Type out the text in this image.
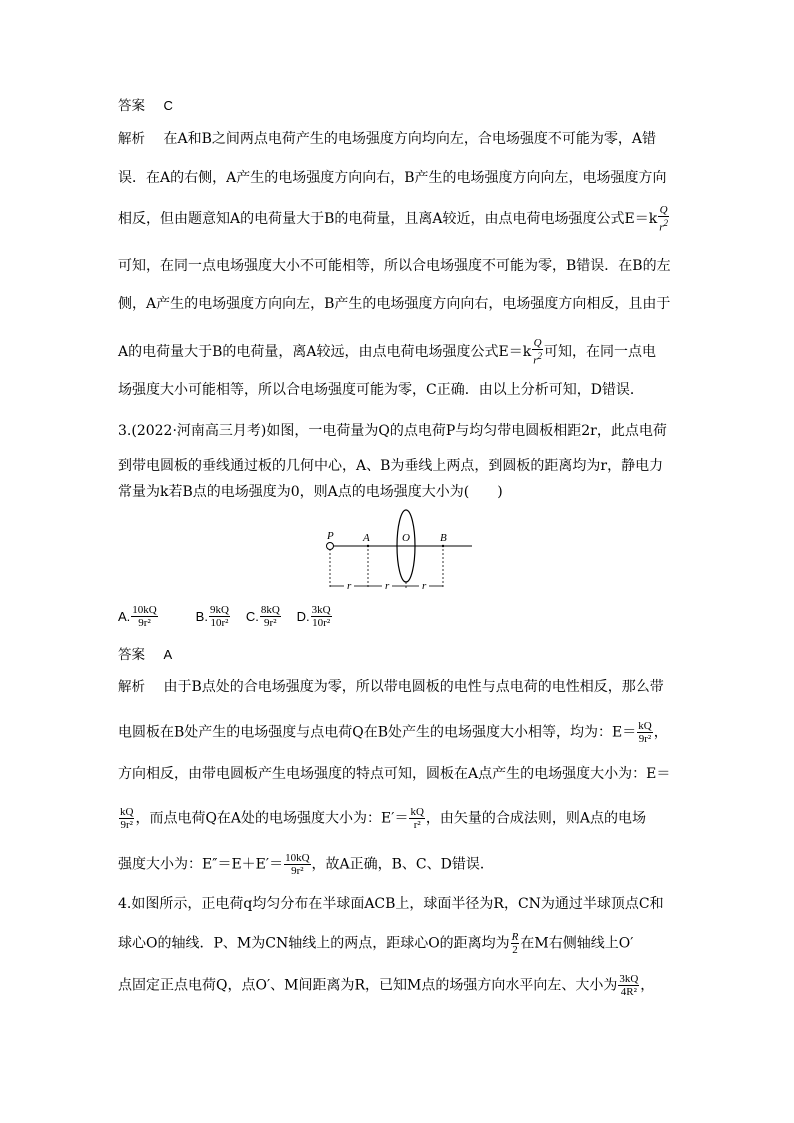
答案　 C
解析　 在A和B之间两点电荷产生的电场强度方向均向左，合电场强度不可能为零，A错
误．在A的右侧，A产生的电场强度方向向右，B产生的电场强度方向向左，电场强度方向
相反，但由题意知A的电荷量大于B的电荷量，且离A较近，由点电荷电场强度公式$E=k \frac{Q}{r^2}$
可知，在同一点电场强度大小不可能相等，所以合电场强度不可能为零，B错误．在B的左
侧，A产生的电场强度方向向左，B产生的电场强度方向向右，电场强度方向相反，且由于
A的电荷量大于B的电荷量，离A较远，由点电荷电场强度公式$E=k \frac{Q}{r^2}$ 可知，在同一点电
场强度大小可能相等，所以合电场强度可能为零，C正确．由以上分析可知，D错误．
3.(2022·河南高三月考)如图，一电荷量为Q的点电荷P与均匀带电圆板相距2r，此点电荷
到带电圆板的垂线通过板的几何中心，A、B为垂线上两点，到圆板的距离均为r，静电力
常量为k若B点的电场强度为0，则A点的电场强度大小为(　　)
P	A	O	B
r	r	r
A. $\frac{10kQ}{\text{9r²}}$	B. $\frac{9kQ}{\text{10r²}} C$. $\frac{8kQ}{\text{9r²}} D$. $\frac{3kQ}{\text{10r²}}$
答案　 A
解析　 由于B点处的合电场强度为零，所以带电圆板的电性与点电荷的电性相反，那么带
电圆板在B处产生的电场强度与点电荷Q在B处产生的电场强度大小相等，均为：$E= \frac{kQ}{\text{9r²}}$ ，
方向相反，由带电圆板产生电场强度的特点可知，圆板在A点产生的电场强度大小为：E＝
$\frac{kQ}{\text{9r²}}$ ，而点电荷Q在A处的电场强度大小为：$E'= \frac{kQ}{\text{r²}}$ ，由矢量的合成法则，则A点的电场
强度大小为：$E''=E+E'= \frac{10kQ}{\text{9r²}}$ ，故A正确，B、C、D错误．
4.如图所示，正电荷q均匀分布在半球面ACB上，球面半径为R，CN为通过半球顶点C和
球心O的轴线．P、M为CN轴线上的两点，距球心O的距离均为 $\frac{R}{2}$ 在M右侧轴线上O′
点固定正点电荷Q，点O′、M间距离为R，已知M点的场强方向水平向左、大小为 $\frac{3kQ}{\text{4R²}}$ ，
